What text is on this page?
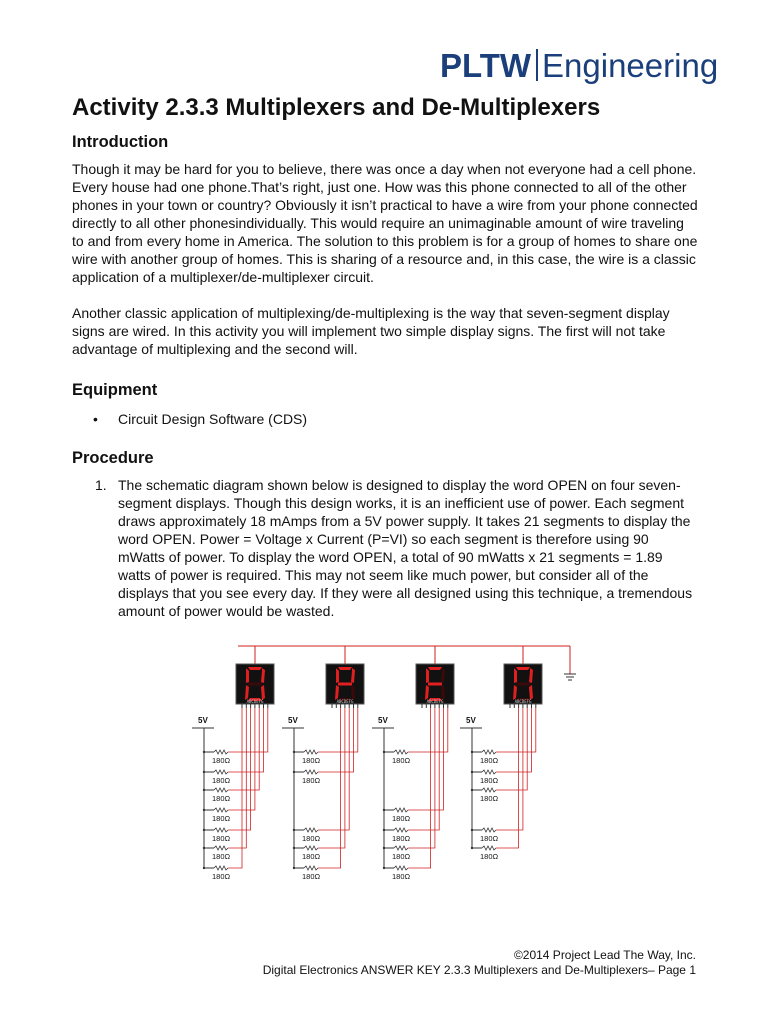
PLTW Engineering
Activity 2.3.3 Multiplexers and De-Multiplexers
Introduction

Though it may be hard for you to believe, there was once a day when not everyone had a cell phone. Every house had one phone.That’s right, just one. How was this phone connected to all of the other phones in your town or country? Obviously it isn’t practical to have a wire from your phone connected directly to all other phonesindividually. This would require an unimaginable amount of wire traveling to and from every home in America. The solution to this problem is for a group of homes to share one wire with another group of homes. This is sharing of a resource and, in this case, the wire is a classic application of a multiplexer/de-multiplexer circuit.

Another classic application of multiplexing/de-multiplexing is the way that seven-segment display signs are wired. In this activity you will implement two simple display signs. The first will not take advantage of multiplexing and the second will.

Equipment
• Circuit Design Software (CDS)
Procedure
1. The schematic diagram shown below is designed to display the word OPEN on four seven-segment displays. Though this design works, it is an inefficient use of power. Each segment draws approximately 18 mAmps from a 5V power supply. It takes 21 segments to display the word OPEN. Power = Voltage x Current (P=VI) so each segment is therefore using 90 mWatts of power. To display the word OPEN, a total of 90 mWatts x 21 segments = 1.89 watts of power is required. This may not seem like much power, but consider all of the displays that you see every day. If they were all designed using this technique, a tremendous amount of power would be wasted.
ABCDEFG
5V
180Ω
180Ω
180Ω
180Ω
180Ω
180Ω
180Ω
ABCDEFG
5V
180Ω
180Ω
180Ω
180Ω
180Ω
ABCDEFG
5V
180Ω
180Ω
180Ω
180Ω
180Ω
ABCDEFG
5V
180Ω
180Ω
180Ω
180Ω
180Ω
©2014 Project Lead The Way, Inc.
Digital Electronics ANSWER KEY 2.3.3 Multiplexers and De-Multiplexers– Page 1
